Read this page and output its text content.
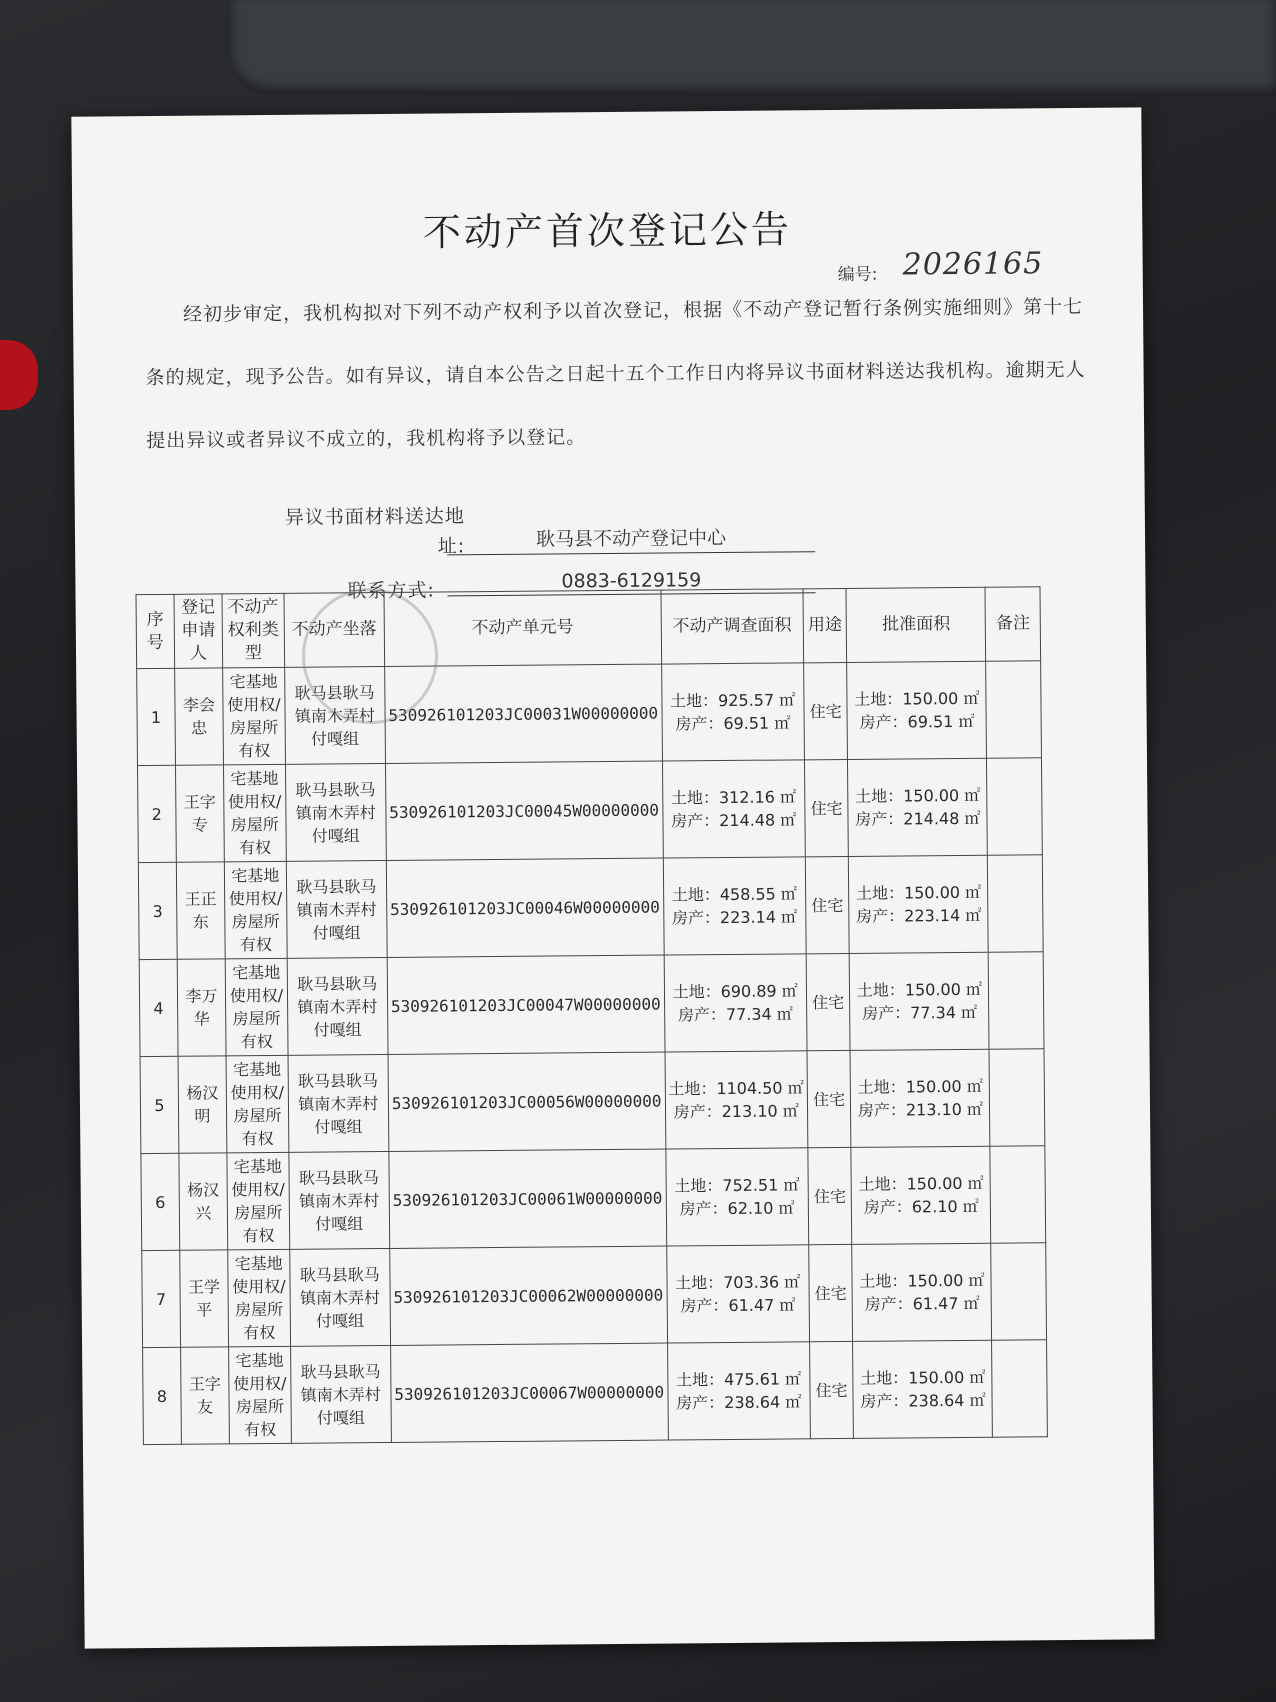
不动产首次登记公告
编号: 2026165
经初步审定，我机构拟对下列不动产权利予以首次登记，根据《不动产登记暂行条例实施细则》第十七条的规定，现予公告。如有异议，请自本公告之日起十五个工作日内将异议书面材料送达我机构。逾期无人提出异议或者异议不成立的，我机构将予以登记。
异议书面材料送达地址:	耿马县不动产登记中心
联系方式:	0883-6129159
序号	登记申请人	不动产权利类型	不动产坐落	不动产单元号	不动产调查面积	用途	批准面积	备注
1	李会忠	宅基地使用权/房屋所有权	耿马县耿马镇南木弄村付嘎组	530926101203JC00031W00000000	土地：925.57 ㎡
房产：69.51 ㎡	住宅	土地：150.00 ㎡
房产：69.51 ㎡	

2	王字专	宅基地使用权/房屋所有权	耿马县耿马镇南木弄村付嘎组	530926101203JC00045W00000000	土地：312.16 ㎡
房产：214.48 ㎡	住宅	土地：150.00 ㎡
房产：214.48 ㎡	

3	王正东	宅基地使用权/房屋所有权	耿马县耿马镇南木弄村付嘎组	530926101203JC00046W00000000	土地：458.55 ㎡
房产：223.14 ㎡	住宅	土地：150.00 ㎡
房产：223.14 ㎡	

4	李万华	宅基地使用权/房屋所有权	耿马县耿马镇南木弄村付嘎组	530926101203JC00047W00000000	土地：690.89 ㎡
房产：77.34 ㎡	住宅	土地：150.00 ㎡
房产：77.34 ㎡	

5	杨汉明	宅基地使用权/房屋所有权	耿马县耿马镇南木弄村付嘎组	530926101203JC00056W00000000	土地：1104.50 ㎡
房产：213.10 ㎡	住宅	土地：150.00 ㎡
房产：213.10 ㎡	

6	杨汉兴	宅基地使用权/房屋所有权	耿马县耿马镇南木弄村付嘎组	530926101203JC00061W00000000	土地：752.51 ㎡
房产：62.10 ㎡	住宅	土地：150.00 ㎡
房产：62.10 ㎡	

7	王学平	宅基地使用权/房屋所有权	耿马县耿马镇南木弄村付嘎组	530926101203JC00062W00000000	土地：703.36 ㎡
房产：61.47 ㎡	住宅	土地：150.00 ㎡
房产：61.47 ㎡	

8	王字友	宅基地使用权/房屋所有权	耿马县耿马镇南木弄村付嘎组	530926101203JC00067W00000000	土地：475.61 ㎡
房产：238.64 ㎡	住宅	土地：150.00 ㎡
房产：238.64 ㎡	
